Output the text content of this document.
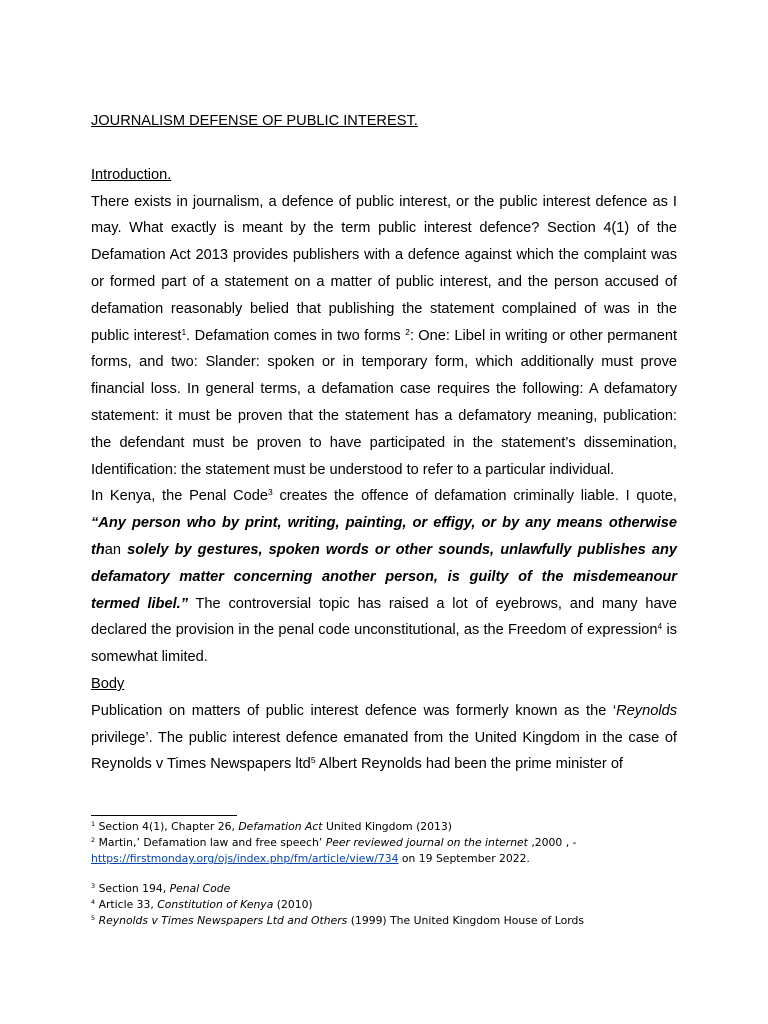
JOURNALISM DEFENSE OF PUBLIC INTEREST.

Introduction.

There exists in journalism, a defence of public interest, or the public interest defence as I may. What exactly is meant by the term public interest defence? Section 4(1) of the Defamation Act 2013 provides publishers with a defence against which the complaint was or formed part of a statement on a matter of public interest, and the person accused of defamation reasonably belied that publishing the statement complained of was in the public interest$^1$. Defamation comes in two forms $^2$: One: Libel in writing or other permanent forms, and two: Slander: spoken or in temporary form, which additionally must prove financial loss. In general terms, a defamation case requires the following: A defamatory statement: it must be proven that the statement has a defamatory meaning, publication: the defendant must be proven to have participated in the statement’s dissemination, Identification: the statement must be understood to refer to a particular individual.

In Kenya, the Penal Code$^3$ creates the offence of defamation criminally liable. I quote, “Any person who by print, writing, painting, or effigy, or by any means otherwise than solely by gestures, spoken words or other sounds, unlawfully publishes any defamatory matter concerning another person, is guilty of the misdemeanour termed libel.” The controversial topic has raised a lot of eyebrows, and many have declared the provision in the penal code unconstitutional, as the Freedom of expression$^4$ is somewhat limited.

Body

Publication on matters of public interest defence was formerly known as the ‘Reynolds privilege’. The public interest defence emanated from the United Kingdom in the case of Reynolds v Times Newspapers ltd$^5$ Albert Reynolds had been the prime minister of

$^1$ Section 4(1), Chapter 26, Defamation Act United Kingdom (2013)

$^2$ Martin,’ Defamation law and free speech’ Peer reviewed journal on the internet ,2000 , -
https://firstmonday.org/ojs/index.php/fm/article/view/734 on 19 September 2022.

$^3$ Section 194, Penal Code

$^4$ Article 33, Constitution of Kenya (2010)

$^5$ Reynolds v Times Newspapers Ltd and Others (1999) The United Kingdom House of Lords
